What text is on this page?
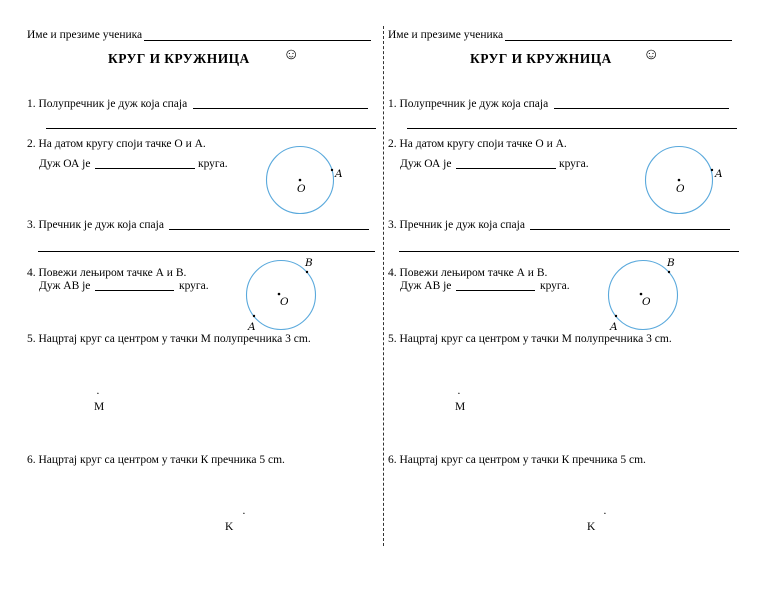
Име и презиме ученика
КРУГ И КРУЖНИЦА ☺
1. Полупречник је дуж која спаја
2. На датом кругу споји тачке О и А.
Дуж ОА је	круга.
O
A
3. Пречник је дуж која спаја
4. Повежи лењиром тачке А и В.
Дуж АВ је	круга.
O
B
A
5. Нацртај круг са центром у тачки М полупречника 3 cm.
·
M
6. Нацртај круг са центром у тачки К пречника 5 cm.
·
K
Име и презиме ученика
КРУГ И КРУЖНИЦА ☺
1. Полупречник је дуж која спаја
2. На датом кругу споји тачке О и А.
Дуж ОА је	круга.
O
A
3. Пречник је дуж која спаја
4. Повежи лењиром тачке А и В.
Дуж АВ је	круга.
O
B
A
5. Нацртај круг са центром у тачки М полупречника 3 cm.
·
M
6. Нацртај круг са центром у тачки К пречника 5 cm.
·
K
